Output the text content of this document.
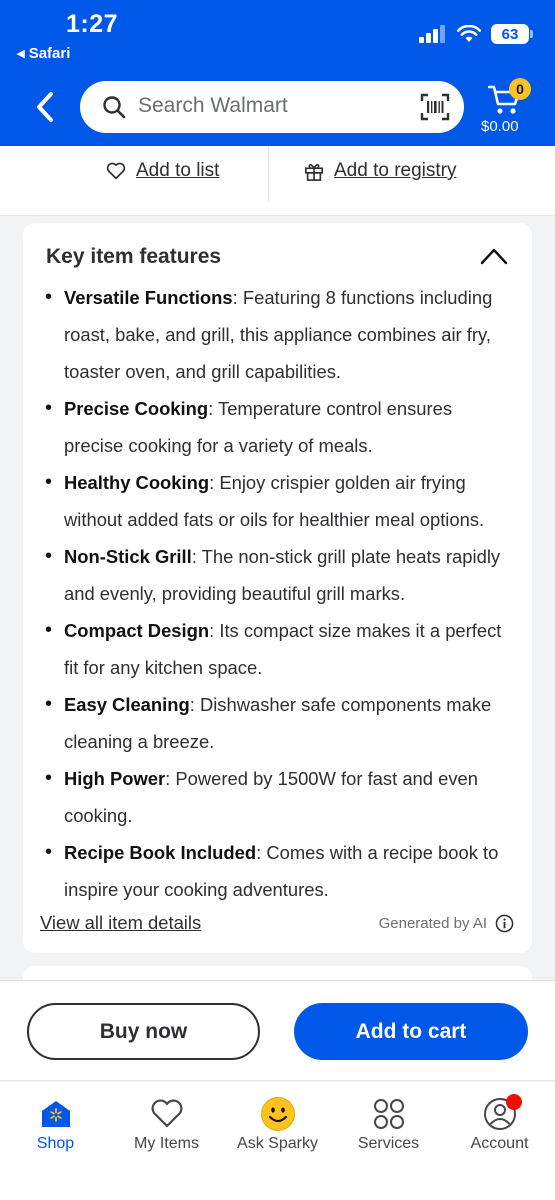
1:27
◂ Safari
63
Search Walmart
0
$0.00
Add to list	Add to registry
Key item features
• Versatile Functions: Featuring 8 functions including roast, bake, and grill, this appliance combines air fry, toaster oven, and grill capabilities.
• Precise Cooking: Temperature control ensures precise cooking for a variety of meals.
• Healthy Cooking: Enjoy crispier golden air frying without added fats or oils for healthier meal options.
• Non-Stick Grill: The non-stick grill plate heats rapidly and evenly, providing beautiful grill marks.
• Compact Design: Its compact size makes it a perfect fit for any kitchen space.
• Easy Cleaning: Dishwasher safe components make cleaning a breeze.
• High Power: Powered by 1500W for fast and even cooking.
• Recipe Book Included: Comes with a recipe book to inspire your cooking adventures.
View all item details	Generated by AI
Buy now	Add to cart
Shop	My Items	Ask Sparky	Services	Account
